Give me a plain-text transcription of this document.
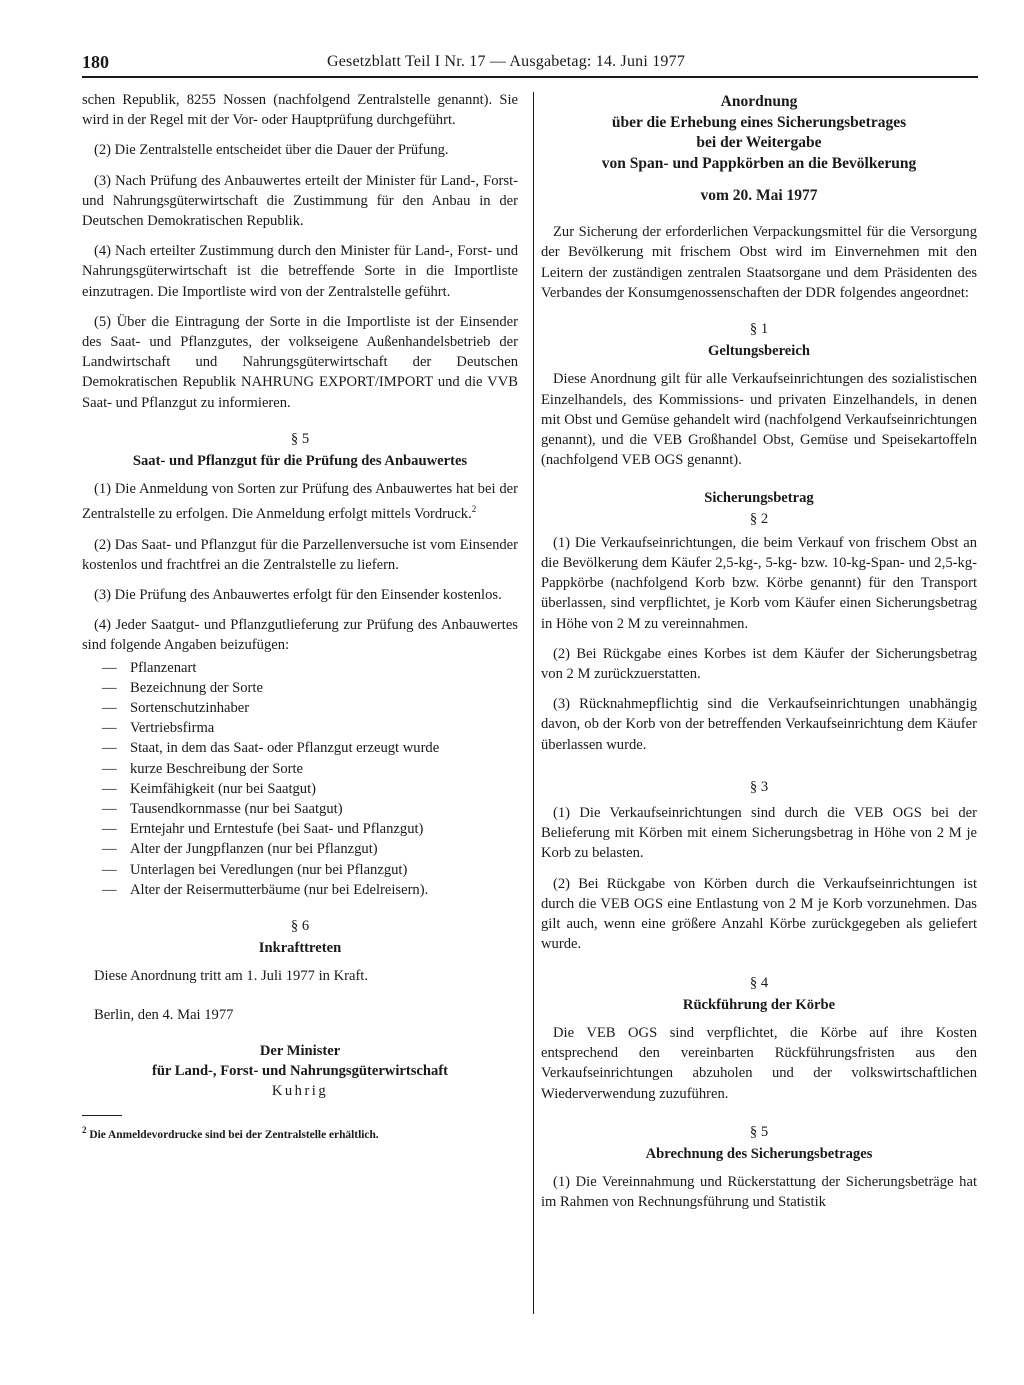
180	Gesetzblatt Teil I Nr. 17 — Ausgabetag: 14. Juni 1977

schen Republik, 8255 Nossen (nachfolgend Zentralstelle genannt). Sie wird in der Regel mit der Vor- oder Hauptprüfung durchgeführt.

(2) Die Zentralstelle entscheidet über die Dauer der Prüfung.

(3) Nach Prüfung des Anbauwertes erteilt der Minister für Land-, Forst- und Nahrungsgüterwirtschaft die Zustimmung für den Anbau in der Deutschen Demokratischen Republik.

(4) Nach erteilter Zustimmung durch den Minister für Land-, Forst- und Nahrungsgüterwirtschaft ist die betreffende Sorte in die Importliste einzutragen. Die Importliste wird von der Zentralstelle geführt.

(5) Über die Eintragung der Sorte in die Importliste ist der Einsender des Saat- und Pflanzgutes, der volkseigene Außenhandelsbetrieb der Landwirtschaft und Nahrungsgüterwirtschaft der Deutschen Demokratischen Republik NAHRUNG EXPORT/IMPORT und die VVB Saat- und Pflanzgut zu informieren.

§ 5

Saat- und Pflanzgut für die Prüfung des Anbauwertes

(1) Die Anmeldung von Sorten zur Prüfung des Anbauwertes hat bei der Zentralstelle zu erfolgen. Die Anmeldung erfolgt mittels Vordruck.$^2$

(2) Das Saat- und Pflanzgut für die Parzellenversuche ist vom Einsender kostenlos und frachtfrei an die Zentralstelle zu liefern.

(3) Die Prüfung des Anbauwertes erfolgt für den Einsender kostenlos.

(4) Jeder Saatgut- und Pflanzgutlieferung zur Prüfung des Anbauwertes sind folgende Angaben beizufügen:

— Pflanzenart
— Bezeichnung der Sorte
— Sortenschutzinhaber
— Vertriebsfirma
— Staat, in dem das Saat- oder Pflanzgut erzeugt wurde
— kurze Beschreibung der Sorte
— Keimfähigkeit (nur bei Saatgut)
— Tausendkornmasse (nur bei Saatgut)
— Erntejahr und Erntestufe (bei Saat- und Pflanzgut)
— Alter der Jungpflanzen (nur bei Pflanzgut)
— Unterlagen bei Veredlungen (nur bei Pflanzgut)
— Alter der Reisermutterbäume (nur bei Edelreisern).

§ 6

Inkrafttreten

Diese Anordnung tritt am 1. Juli 1977 in Kraft.

Berlin, den 4. Mai 1977

Der Minister

für Land-, Forst- und Nahrungsgüterwirtschaft

Kuhrig

$^2$ Die Anmeldevordrucke sind bei der Zentralstelle erhältlich.

Anordnung
über die Erhebung eines Sicherungsbetrages
bei der Weitergabe
von Span- und Pappkörben an die Bevölkerung

vom 20. Mai 1977

Zur Sicherung der erforderlichen Verpackungsmittel für die Versorgung der Bevölkerung mit frischem Obst wird im Einvernehmen mit den Leitern der zuständigen zentralen Staatsorgane und dem Präsidenten des Verbandes der Konsumgenossenschaften der DDR folgendes angeordnet:

§ 1

Geltungsbereich

Diese Anordnung gilt für alle Verkaufseinrichtungen des sozialistischen Einzelhandels, des Kommissions- und privaten Einzelhandels, in denen mit Obst und Gemüse gehandelt wird (nachfolgend Verkaufseinrichtungen genannt), und die VEB Großhandel Obst, Gemüse und Speisekartoffeln (nachfolgend VEB OGS genannt).

Sicherungsbetrag

§ 2

(1) Die Verkaufseinrichtungen, die beim Verkauf von frischem Obst an die Bevölkerung dem Käufer 2,5-kg-, 5-kg- bzw. 10-kg-Span- und 2,5-kg-Pappkörbe (nachfolgend Korb bzw. Körbe genannt) für den Transport überlassen, sind verpflichtet, je Korb vom Käufer einen Sicherungsbetrag in Höhe von 2 M zu vereinnahmen.

(2) Bei Rückgabe eines Korbes ist dem Käufer der Sicherungsbetrag von 2 M zurückzuerstatten.

(3) Rücknahmepflichtig sind die Verkaufseinrichtungen unabhängig davon, ob der Korb von der betreffenden Verkaufseinrichtung dem Käufer überlassen wurde.

§ 3

(1) Die Verkaufseinrichtungen sind durch die VEB OGS bei der Belieferung mit Körben mit einem Sicherungsbetrag in Höhe von 2 M je Korb zu belasten.

(2) Bei Rückgabe von Körben durch die Verkaufseinrichtungen ist durch die VEB OGS eine Entlastung von 2 M je Korb vorzunehmen. Das gilt auch, wenn eine größere Anzahl Körbe zurückgegeben als geliefert wurde.

§ 4

Rückführung der Körbe

Die VEB OGS sind verpflichtet, die Körbe auf ihre Kosten entsprechend den vereinbarten Rückführungsfristen aus den Verkaufseinrichtungen abzuholen und der volkswirtschaftlichen Wiederverwendung zuzuführen.

§ 5

Abrechnung des Sicherungsbetrages

(1) Die Vereinnahmung und Rückerstattung der Sicherungsbeträge hat im Rahmen von Rechnungsführung und Statistik
